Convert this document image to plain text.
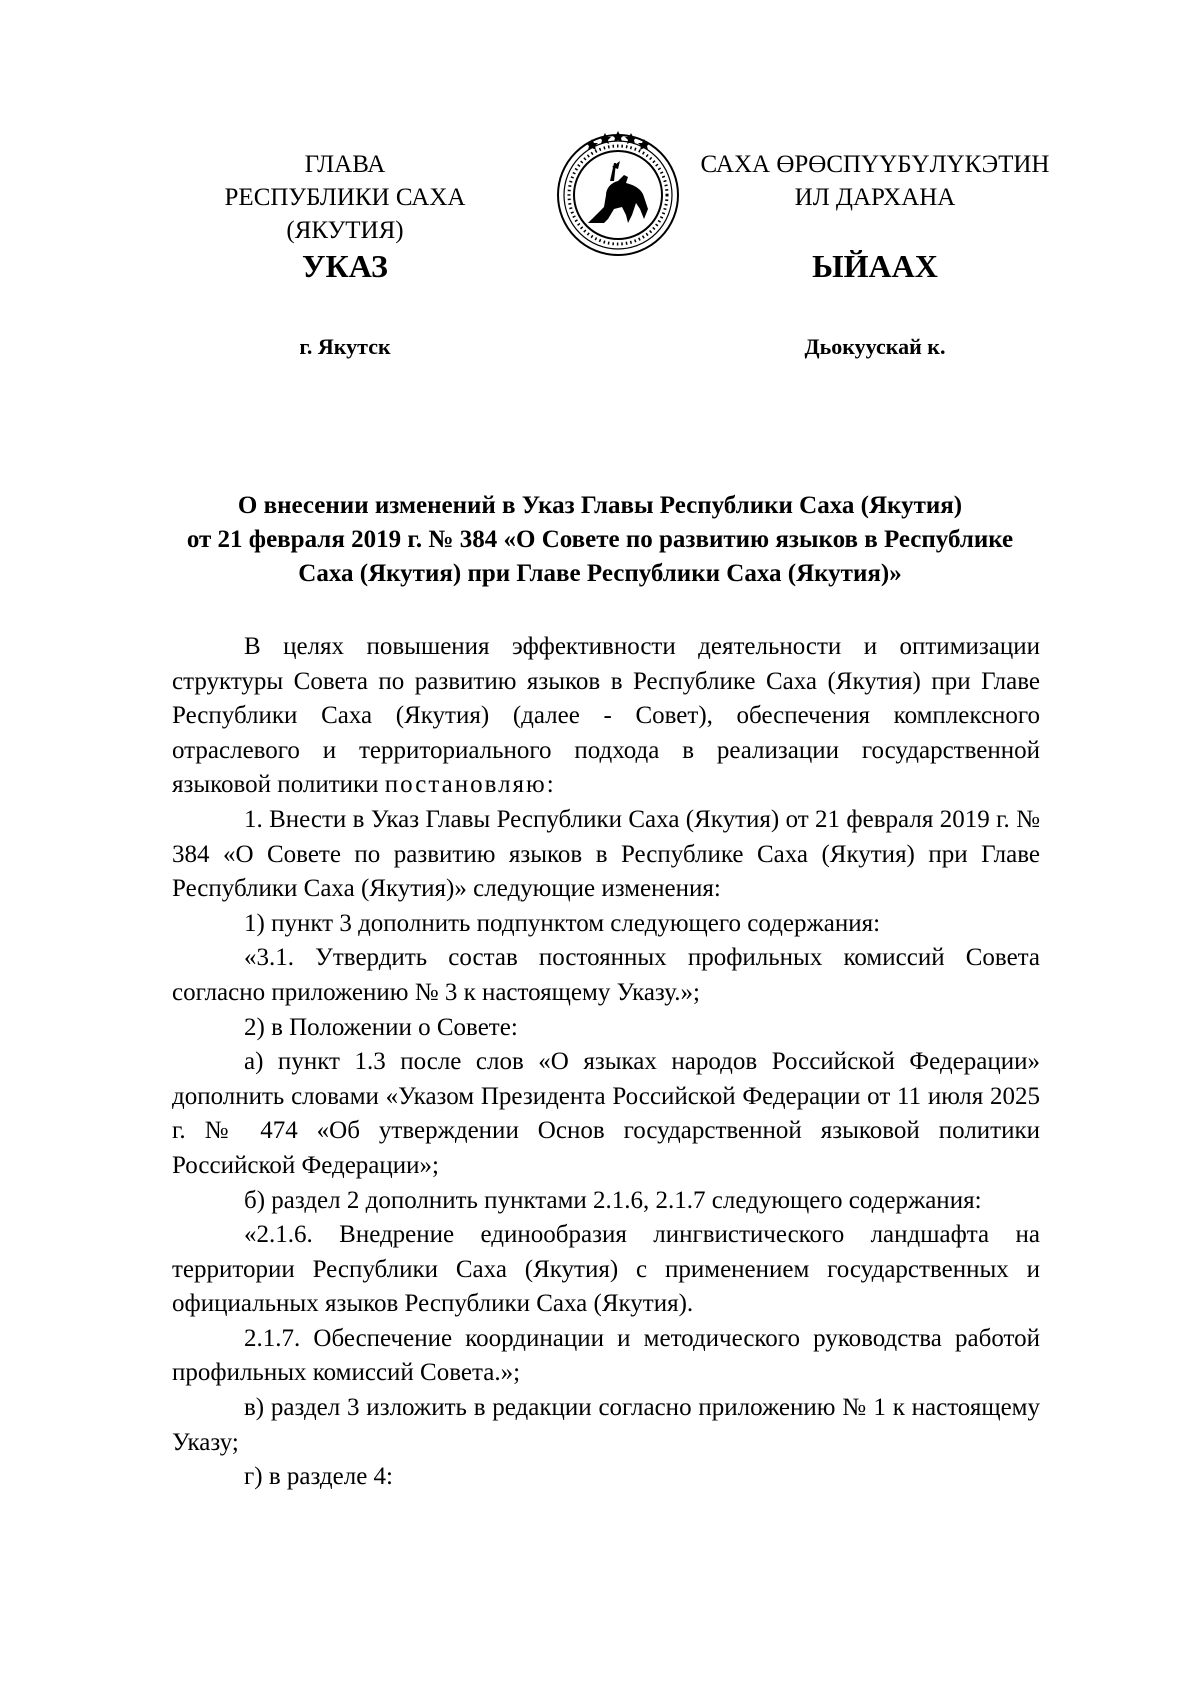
ГЛАВА
РЕСПУБЛИКИ САХА (ЯКУТИЯ)
САХА ӨРӨСПҮҮБҮЛҮКЭТИН
ИЛ ДАРХАНА
УКАЗ	ЫЙААХ
г. Якутск	Дьокуускай к.
О внесении изменений в Указ Главы Республики Саха (Якутия)
от 21 февраля 2019 г. № 384 «О Совете по развитию языков в Республике
Саха (Якутия) при Главе Республики Саха (Якутия)»

В целях повышения эффективности деятельности и оптимизации структуры Совета по развитию языков в Республике Саха (Якутия) при Главе Республики Саха (Якутия) (далее - Совет), обеспечения комплексного отраслевого и территориального подхода в реализации государственной языковой политики постановляю:

1. Внести в Указ Главы Республики Саха (Якутия) от 21 февраля 2019 г. № 384 «О Совете по развитию языков в Республике Саха (Якутия) при Главе Республики Саха (Якутия)» следующие изменения:

1) пункт 3 дополнить подпунктом следующего содержания:

«3.1. Утвердить состав постоянных профильных комиссий Совета согласно приложению № 3 к настоящему Указу.»;

2) в Положении о Совете:

а) пункт 1.3 после слов «О языках народов Российской Федерации» дополнить словами «Указом Президента Российской Федерации от 11 июля 2025 г. № 474 «Об утверждении Основ государственной языковой политики Российской Федерации»;

б) раздел 2 дополнить пунктами 2.1.6, 2.1.7 следующего содержания:

«2.1.6. Внедрение единообразия лингвистического ландшафта на территории Республики Саха (Якутия) с применением государственных и официальных языков Республики Саха (Якутия).

2.1.7. Обеспечение координации и методического руководства работой профильных комиссий Совета.»;

в) раздел 3 изложить в редакции согласно приложению № 1 к настоящему Указу;

г) в разделе 4:
